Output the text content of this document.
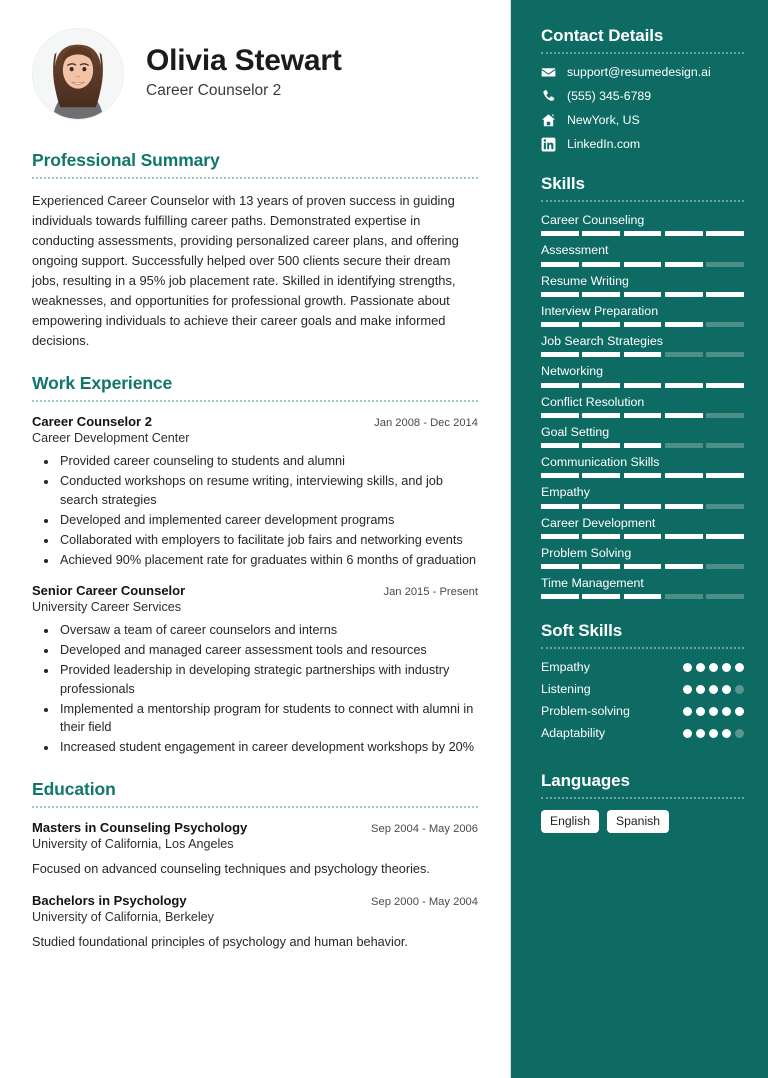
Olivia Stewart
Career Counselor 2
Professional Summary
Experienced Career Counselor with 13 years of proven success in guiding individuals towards fulfilling career paths. Demonstrated expertise in conducting assessments, providing personalized career plans, and offering ongoing support. Successfully helped over 500 clients secure their dream jobs, resulting in a 95% job placement rate. Skilled in identifying strengths, weaknesses, and opportunities for professional growth. Passionate about empowering individuals to achieve their career goals and make informed decisions.
Work Experience
Career Counselor 2	Jan 2008 - Dec 2014
Career Development Center
• Provided career counseling to students and alumni
• Conducted workshops on resume writing, interviewing skills, and job search strategies
• Developed and implemented career development programs
• Collaborated with employers to facilitate job fairs and networking events
• Achieved 90% placement rate for graduates within 6 months of graduation
Senior Career Counselor	Jan 2015 - Present
University Career Services
• Oversaw a team of career counselors and interns
• Developed and managed career assessment tools and resources
• Provided leadership in developing strategic partnerships with industry professionals
• Implemented a mentorship program for students to connect with alumni in their field
• Increased student engagement in career development workshops by 20%
Education
Masters in Counseling Psychology	Sep 2004 - May 2006
University of California, Los Angeles
Focused on advanced counseling techniques and psychology theories.
Bachelors in Psychology	Sep 2000 - May 2004
University of California, Berkeley
Studied foundational principles of psychology and human behavior.
Contact Details
support@resumedesign.ai
(555) 345-6789
NewYork, US
LinkedIn.com
Skills
Career Counseling
Assessment
Resume Writing
Interview Preparation
Job Search Strategies
Networking
Conflict Resolution
Goal Setting
Communication Skills
Empathy
Career Development
Problem Solving
Time Management
Soft Skills
Empathy
Listening
Problem-solving
Adaptability
Languages
English	Spanish
